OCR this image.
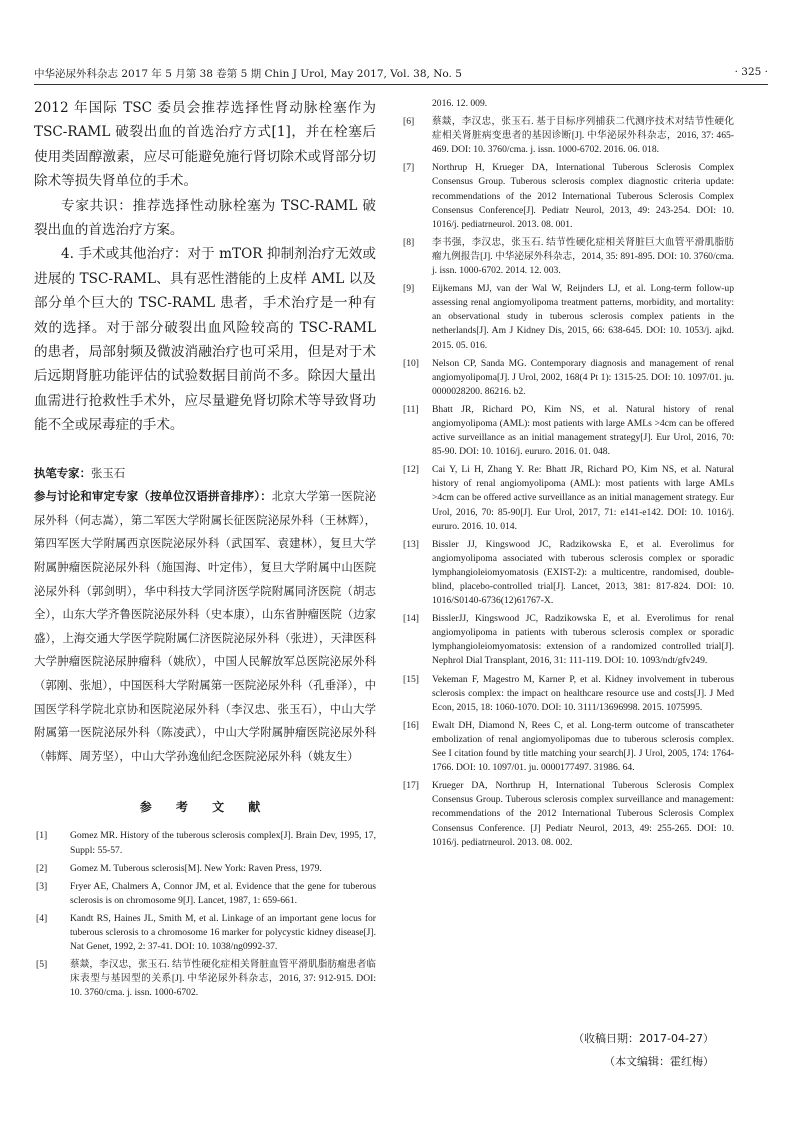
中华泌尿外科杂志 2017 年 5 月第 38 卷第 5 期 Chin J Urol, May 2017, Vol. 38, No. 5	· 325 ·

2012 年国际 TSC 委员会推荐选择性肾动脉栓塞作为 TSC-RAML 破裂出血的首选治疗方式[1]，并在栓塞后使用类固醇激素，应尽可能避免施行肾切除术或肾部分切除术等损失肾单位的手术。

专家共识：推荐选择性动脉栓塞为 TSC-RAML 破裂出血的首选治疗方案。

4. 手术或其他治疗：对于 mTOR 抑制剂治疗无效或进展的 TSC-RAML、具有恶性潜能的上皮样 AML 以及部分单个巨大的 TSC-RAML 患者，手术治疗是一种有效的选择。对于部分破裂出血风险较高的 TSC-RAML 的患者，局部射频及微波消融治疗也可采用，但是对于术后远期肾脏功能评估的试验数据目前尚不多。除因大量出血需进行抢救性手术外，应尽量避免肾切除术等导致肾功能不全或尿毒症的手术。

执笔专家：张玉石

参与讨论和审定专家（按单位汉语拼音排序）：北京大学第一医院泌尿外科（何志嵩），第二军医大学附属长征医院泌尿外科（王林辉），第四军医大学附属西京医院泌尿外科（武国军、袁建林），复旦大学附属肿瘤医院泌尿外科（施国海、叶定伟），复旦大学附属中山医院泌尿外科（郭剑明），华中科技大学同济医学院附属同济医院（胡志全），山东大学齐鲁医院泌尿外科（史本康），山东省肿瘤医院（边家盛），上海交通大学医学院附属仁济医院泌尿外科（张进），天津医科大学肿瘤医院泌尿肿瘤科（姚欣），中国人民解放军总医院泌尿外科（郭刚、张旭），中国医科大学附属第一医院泌尿外科（孔垂泽），中国医学科学院北京协和医院泌尿外科（李汉忠、张玉石），中山大学附属第一医院泌尿外科（陈凌武），中山大学附属肿瘤医院泌尿外科（韩辉、周芳坚），中山大学孙逸仙纪念医院泌尿外科（姚友生）

参 考 文 献
[1] Gomez MR. History of the tuberous sclerosis complex[J]. Brain Dev, 1995, 17, Suppl: 55-57.
[2] Gomez M. Tuberous sclerosis[M]. New York: Raven Press, 1979.
[3] Fryer AE, Chalmers A, Connor JM, et al. Evidence that the gene for tuberous sclerosis is on chromosome 9[J]. Lancet, 1987, 1: 659-661.
[4] Kandt RS, Haines JL, Smith M, et al. Linkage of an important gene locus for tuberous sclerosis to a chromosome 16 marker for polycystic kidney disease[J]. Nat Genet, 1992, 2: 37-41. DOI: 10. 1038/ng0992-37.
[5] 蔡燚，李汉忠，张玉石. 结节性硬化症相关肾脏血管平滑肌脂肪瘤患者临床表型与基因型的关系[J]. 中华泌尿外科杂志，2016, 37: 912-915. DOI: 10. 3760/cma. j. issn. 1000-6702.
2016. 12. 009.
[6] 蔡燚，李汉忠，张玉石. 基于目标序列捕获二代测序技术对结节性硬化症相关肾脏病变患者的基因诊断[J]. 中华泌尿外科杂志，2016, 37: 465-469. DOI: 10. 3760/cma. j. issn. 1000-6702. 2016. 06. 018.
[7] Northrup H, Krueger DA, International Tuberous Sclerosis Complex Consensus Group. Tuberous sclerosis complex diagnostic criteria update: recommendations of the 2012 International Tuberous Sclerosis Complex Consensus Conference[J]. Pediatr Neurol, 2013, 49: 243-254. DOI: 10. 1016/j. pediatrneurol. 2013. 08. 001.
[8] 李书强，李汉忠，张玉石. 结节性硬化症相关肾脏巨大血管平滑肌脂肪瘤九例报告[J]. 中华泌尿外科杂志，2014, 35: 891-895. DOI: 10. 3760/cma. j. issn. 1000-6702. 2014. 12. 003.
[9] Eijkemans MJ, van der Wal W, Reijnders LJ, et al. Long-term follow-up assessing renal angiomyolipoma treatment patterns, morbidity, and mortality: an observational study in tuberous sclerosis complex patients in the netherlands[J]. Am J Kidney Dis, 2015, 66: 638-645. DOI: 10. 1053/j. ajkd. 2015. 05. 016.
[10] Nelson CP, Sanda MG. Contemporary diagnosis and management of renal angiomyolipoma[J]. J Urol, 2002, 168(4 Pt 1): 1315-25. DOI: 10. 1097/01. ju. 0000028200. 86216. b2.
[11] Bhatt JR, Richard PO, Kim NS, et al. Natural history of renal angiomyolipoma (AML): most patients with large AMLs >4cm can be offered active surveillance as an initial management strategy[J]. Eur Urol, 2016, 70: 85-90. DOI: 10. 1016/j. eururo. 2016. 01. 048.
[12] Cai Y, Li H, Zhang Y. Re: Bhatt JR, Richard PO, Kim NS, et al. Natural history of renal angiomyolipoma (AML): most patients with large AMLs >4cm can be offered active surveillance as an initial management strategy. Eur Urol, 2016, 70: 85-90[J]. Eur Urol, 2017, 71: e141-e142. DOI: 10. 1016/j. eururo. 2016. 10. 014.
[13] Bissler JJ, Kingswood JC, Radzikowska E, et al. Everolimus for angiomyolipoma associated with tuberous sclerosis complex or sporadic lymphangioleiomyomatosis (EXIST-2): a multicentre, randomised, double-blind, placebo-controlled trial[J]. Lancet, 2013, 381: 817-824. DOI: 10. 1016/S0140-6736(12)61767-X.
[14] BisslerJJ, Kingswood JC, Radzikowska E, et al. Everolimus for renal angiomyolipoma in patients with tuberous sclerosis complex or sporadic lymphangioleiomyomatosis: extension of a randomized controlled trial[J]. Nephrol Dial Transplant, 2016, 31: 111-119. DOI: 10. 1093/ndt/gfv249.
[15] Vekeman F, Magestro M, Karner P, et al. Kidney involvement in tuberous sclerosis complex: the impact on healthcare resource use and costs[J]. J Med Econ, 2015, 18: 1060-1070. DOI: 10. 3111/13696998. 2015. 1075995.
[16] Ewalt DH, Diamond N, Rees C, et al. Long-term outcome of transcatheter embolization of renal angiomyolipomas due to tuberous sclerosis complex. See I citation found by title matching your search[J]. J Urol, 2005, 174: 1764-1766. DOI: 10. 1097/01. ju. 0000177497. 31986. 64.
[17] Krueger DA, Northrup H, International Tuberous Sclerosis Complex Consensus Group. Tuberous sclerosis complex surveillance and management: recommendations of the 2012 International Tuberous Sclerosis Complex Consensus Conference. [J] Pediatr Neurol, 2013, 49: 255-265. DOI: 10. 1016/j. pediatrneurol. 2013. 08. 002.
（收稿日期：2017-04-27）
（本文编辑：霍红梅）
